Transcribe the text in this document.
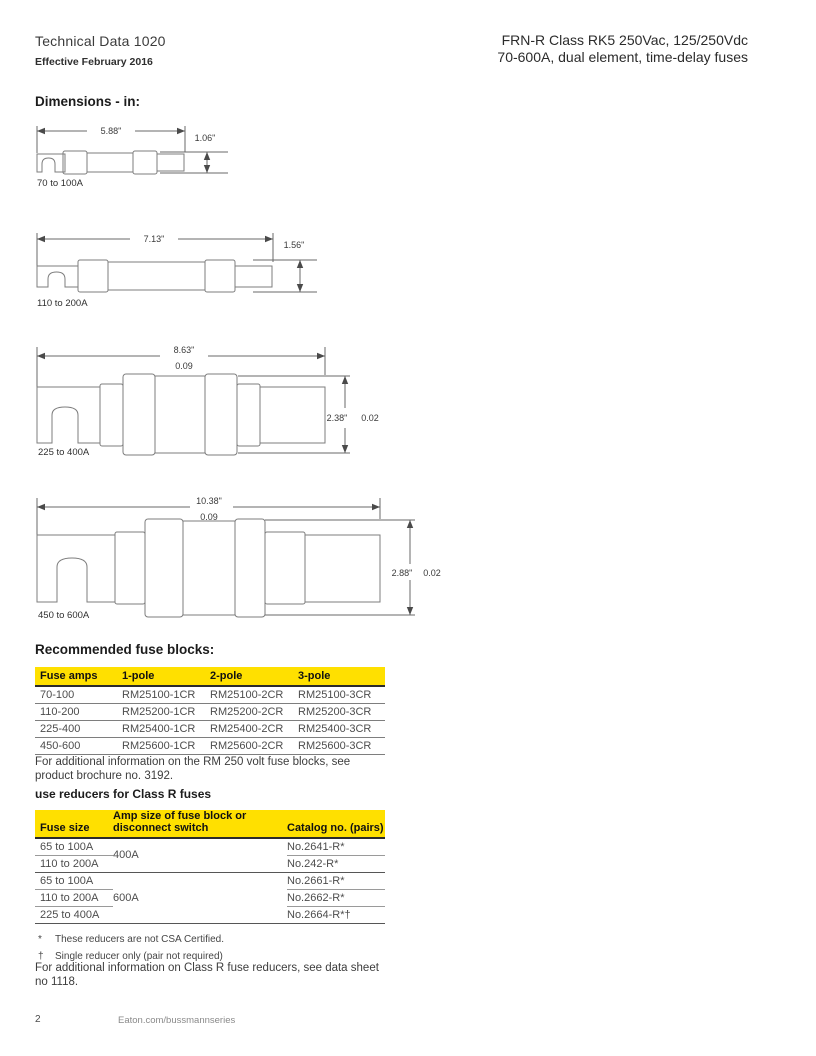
Technical Data 1020
Effective February 2016
FRN-R Class RK5 250Vac, 125/250Vdc
70-600A, dual element, time-delay fuses
Dimensions - in:
5.88"
1.06"
70 to 100A
7.13"
1.56"
110 to 200A
8.63"
0.09
2.38" 0.02
225 to 400A
10.38"
0.09
2.88" 0.02
450 to 600A
Recommended fuse blocks:
Fuse amps	1-pole	2-pole	3-pole
70-100	RM25100-1CR	RM25100-2CR	RM25100-3CR
110-200	RM25200-1CR	RM25200-2CR	RM25200-3CR
225-400	RM25400-1CR	RM25400-2CR	RM25400-3CR
450-600	RM25600-1CR	RM25600-2CR	RM25600-3CR
For additional information on the RM 250 volt fuse blocks, see
product brochure no. 3192.
use reducers for Class R fuses
Fuse size	Amp size of fuse block or disconnect switch	Catalog no. (pairs)
65 to 100A	400A	No.2641-R*
110 to 200A		No.242-R*
65 to 100A	600A	No.2661-R*
110 to 200A		No.2662-R*
225 to 400A		No.2664-R*†
* These reducers are not CSA Certified.
† Single reducer only (pair not required)
For additional information on Class R fuse reducers, see data sheet
no 1118.
2	Eaton.com/bussmannseries
